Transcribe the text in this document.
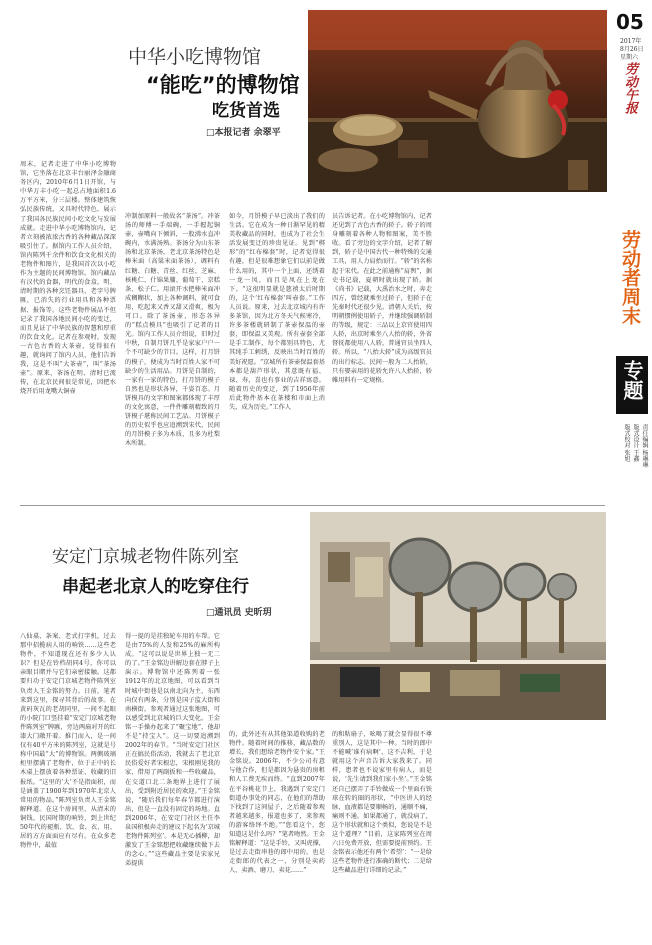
中华小吃博物馆
“能吃”的博物馆
吃货首选
□本报记者 余翠平
周末，记者走进了中华小吃博物馆，它坐落在北京丰台丽泽金融商务区内，2010年6月1日开馆，与中华万丰小吃一起总占地面积1.6万平方米，分三层楼。整体建筑恢弘民族传统，又具时代特色，展示了我国各民族民间小吃文化与发展成就。走进中华小吃博物馆内，记者立刻被浓浓古香的各种藏品深深吸引住了。据馆内工作人员介绍，馆内陈列千余件和饮食文化相关的老物件和图片，是我国首次以小吃作为主题的民间博物馆。馆内藏品有汉代的食器，明代的食盒，明、清时期的各种烹饪器具，老字号牌匾，已消失的行业用具和各种票据、报饰等。这些老物件展品不但记录了我国各地民间小吃的变迁，而且见证了中华民族的智慧和厚重的饮食文化。记者在参观时，发现一古色古香的大茶壶，觉得很有趣，就询问了馆内人员，他们告诉我，这是不叫“大茶壶”，叫“茶汤壶”。原来，茶汤在明、清时已流传，在北京民间很是常见，因把水烧开后用龙嘴大铜壶
冲制加原料一般故名“茶汤”。冲茶汤的师傅一手端碗，一手握起铜壶，壶嘴向下倾斜，一股沸水直冲碗内，水满汤熟。茶汤分为山东茶汤和北京茶汤，老北京茶汤特色是棒米面（高粱米面茶汤），调料有红糖、白糖、青丝、红丝、芝麻、核桃仁、什锦果脯、葡萄干、京糕条、松子仁。用滚开水把棒米面冲成稠糊状，加上各种调料，就可食用，吃起来又香又甜又滑爽，极为可口。除了茶汤壶，形态各异的“糕点模具”也吸引了记者的目光。馆内工作人员介绍说，旧时过中秋，自制月饼几乎是家家户户一个不可缺少的节目。这样，打月饼的模子，便成为当时百姓人家不可缺少的生活用品。月饼是自制的，一家有一家的特色，打月饼的模子自然也是形状各异，千姿百态。月饼模具的文字和图案都体现了丰厚的文化寓意，一件件雕刻精致的月饼模子堪称民间工艺品。月饼模子的历史似乎也应追溯到宋代，民间的月饼模子多为木质，且多为杜梨木所制。
如今，月饼模子早已淡出了我们的生活。它在成为一种日渐罕见的精美收藏品的同时，也成为了社会生活发展变迁的珍贵见证。见到“梆形”的“红布棉套”时，记者觉得很有趣，但是很难想象它们以前是做什么用的，其中一个上面，还绣着一龙一凤，而且是凤在上龙在下。“这很明显就是慈禧太后时期的，这个‘红布棉套’叫壶套。”工作人员说。原来，过去北京城内有许多茶馆，因为北方冬天气候寒冷，许多茶楼就研制了茶壶保温的壶套，即保温又美观。所有壶套全部是手工制作，每个都别具特色，尤其纯手工刺绣，反映出当时百姓的美好祝愿。“京城所有茶壶保温套基本都是葫芦形状，其意既有福、禄、寿，喜也有事业的吉祥寓意。随着历史的变迁，到了1956年前后此物件基本在茶楼和市面上消失，成为历史。”工作人
员告诉记者。在小吃博物馆内，记者还见到了古色古香的轿子。轿子的周身雕刻着各种人物和图案，美不胜收。看了旁边的文字介绍，记者了解到，轿子是中国古代一种特殊的交通工具，用人力肩抬而行。“轿”的名称起于宋代。在此之前通称“肩舆”，据史书记载，夏朝时就出现了轿。据《尚书》记载，大禹治水之时，奔走四方，曾经就乘坐过轿子，但轿子在先秦时代还很少见。清朝人关后，按明朝惯例使用轿子，并继续强调轿制的等级，规定：三品以上京官使用四人轿，出京时乘坐八人抬的轿，外省督抚都使用八人轿，普通官员坐四人轿。所以，“八抬大轿”成为高级官员的出行标志。民间一般为二人抬轿，只有娶亲用的花轿允许八人抬轿，轿帷用料有一定规格。
安定门京城老物件陈列室
串起老北京人的吃穿住行
□通讯员 史昕玥
八仙桌、条案、老式打字机，过去那中招揽病人用的响铁……这些老物件，不知道现在还有多少人认识？但是在铃档胡同4号，你可以亲眼目睹并与它们亲密接触。这都要归功于安定门京城老物件陈列室负责人王金铭的努力。日前，笔者来到这里，探寻其背后的故事。在黄码灰瓦的老胡同里，一间不起眼的小院门口竖挂着“安定门京城老物件陈列室”牌匾，旁边两扇对开的红漆大门敞开着。推门而入，是一间仅有40平方米的陈列室，这就是号称中国最“大”的博物馆。两侧玻璃柜里摆满了老物件，位于正中的长木桌上摆放着各种票证、收藏的旧报纸。“这里的‘大’不是指面积，而是涵盖了1900年到1970年北京人常用的物品。”陈列室负责人王金铭解释道。在这个房间里，从清末的铜钱、民国时期的响铃，到上世纪50年代的褪瓶、饮、食、衣、用、居的方方面面应有尽有。在众多老物件中，最值
得一提的是挂独轮车用的车帮。它是由75%的人发和25%的麻所构成。“这可以说是世界上独一无二的了。”王金铭边讲解边套在脖子上演示。博物馆中还陈列着一张1912年的北京地图，可以看到当时城中街巷是以南北向为主，东西向仅有两条，分别是国子监大街和南横街。参观者通过这张地图，可以感受到北京城的巨大变化。王金铭一手操办起来了“聚宝地”，他却不是“持宝人”。这一切要追溯到2002年的春节。“当时安定门社区正在搞民俗活动，我就去了老北京民俗爱好者宋根忠，宋根刚见我的家，借用了两副扳和一些收藏品，在交道口北二条地界上进行了展出，受到附近居民的欢迎。”王金铭说，“随后我们每年春节都进行演出，但是一直没有固定的场地。直到2006年，在安定门社区主任李泉国积极奔走的建议下起名为‘京城老物件陈列室’。本是无心插柳，却激发了王金铭想把收藏继续做下去的念心。”“这些藏品主要是宋家兄弟提供
的，此外还有从其他渠道收购的老物件。随着时间的推移，藏品数的增长，我们想给老物件安个家。”王金铭说。2006年，不少公司有意与他合作，但是都因为悬贵的房租和人工费无疾而终。“直到2007年在平谷桃花节上，我遇到了安定门街道办事处的同志，在他们的帮助下找到了这间屋子，之后随着参观者越来越多，报道也多了，来参观的游客络绎不绝。”“您看这个，您知道这是什么吗？”笔者吻然。王金铭解释道：“这是手铃，又叫虎撑，是过去走街串巷的郎中用的，也是走街郎的代表之一，分别是卖药人、卖酒、磨刀、卖花……”
的和粘扇子，吆喝了就会显得很不尊重别人，这是其中一种。当时的郎中不能喊‘谁有病啊’，这不吉利，于是就用这个声音告诉大家我来了。同样，患者也不说家里有病人，而是说，‘先生请到我们家小坐’。”王金铭还自己摆弄了手铃做成一个里面有铁球在转的圈的形状，“中医讲人的经脉，血液都是要顺畅的，通顺不痛，痛则不通。如果都通了，就没病了，这个形状就和这个类似，您说是不是这个道理？”目前，这家陈列室在周六日免费开放，但需要提前预约。王金铭表示他还有两个‘希望’：“一是给这些老物件进行准确的断代；二是给这些藏品进行详细的记录。”
05
2017年
8月26日
星期六
劳动午报
劳动者周末
专题
责任编辑 杨琳琳
版式设计 王鑫
版式校对 张旭
